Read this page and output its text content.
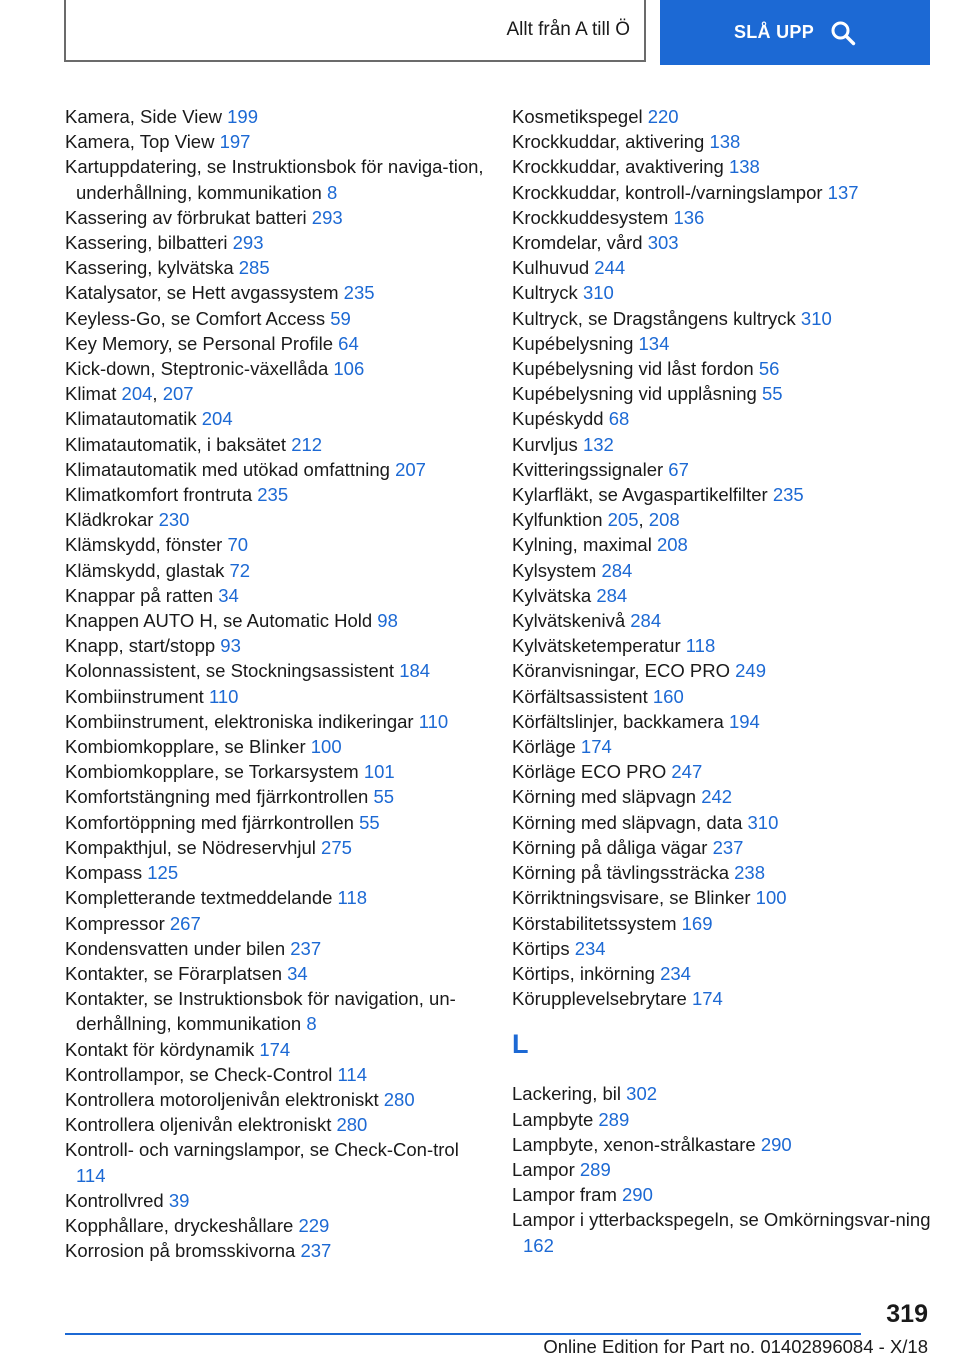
Allt från A till Ö	SLÅ UPP
Kamera, Side View 199
Kamera, Top View 197
Kartuppdatering, se Instruktionsbok för naviga-tion, underhållning, kommunikation 8
Kassering av förbrukat batteri 293
Kassering, bilbatteri 293
Kassering, kylvätska 285
Katalysator, se Hett avgassystem 235
Keyless-Go, se Comfort Access 59
Key Memory, se Personal Profile 64
Kick-down, Steptronic-växellåda 106
Klimat 204, 207
Klimatautomatik 204
Klimatautomatik, i baksätet 212
Klimatautomatik med utökad omfattning 207
Klimatkomfort frontruta 235
Klädkrokar 230
Klämskydd, fönster 70
Klämskydd, glastak 72
Knappar på ratten 34
Knappen AUTO H, se Automatic Hold 98
Knapp, start/stopp 93
Kolonnassistent, se Stockningsassistent 184
Kombiinstrument 110
Kombiinstrument, elektroniska indikeringar 110
Kombiomkopplare, se Blinker 100
Kombiomkopplare, se Torkarsystem 101
Komfortstängning med fjärrkontrollen 55
Komfortöppning med fjärrkontrollen 55
Kompakthjul, se Nödreservhjul 275
Kompass 125
Kompletterande textmeddelande 118
Kompressor 267
Kondensvatten under bilen 237
Kontakter, se Förarplatsen 34
Kontakter, se Instruktionsbok för navigation, un-derhållning, kommunikation 8
Kontakt för kördynamik 174
Kontrollampor, se Check-Control 114
Kontrollera motoroljenivån elektroniskt 280
Kontrollera oljenivån elektroniskt 280
Kontroll- och varningslampor, se Check-Con-trol 114
Kontrollvred 39
Kopphållare, dryckeshållare 229
Korrosion på bromsskivorna 237
Kosmetikspegel 220
Krockkuddar, aktivering 138
Krockkuddar, avaktivering 138
Krockkuddar, kontroll-/varningslampor 137
Krockkuddesystem 136
Kromdelar, vård 303
Kulhuvud 244
Kultryck 310
Kultryck, se Dragstångens kultryck 310
Kupébelysning 134
Kupébelysning vid låst fordon 56
Kupébelysning vid upplåsning 55
Kupéskydd 68
Kurvljus 132
Kvitteringssignaler 67
Kylarfläkt, se Avgaspartikelfilter 235
Kylfunktion 205, 208
Kylning, maximal 208
Kylsystem 284
Kylvätska 284
Kylvätskenivå 284
Kylvätsketemperatur 118
Köranvisningar, ECO PRO 249
Körfältsassistent 160
Körfältslinjer, backkamera 194
Körläge 174
Körläge ECO PRO 247
Körning med släpvagn 242
Körning med släpvagn, data 310
Körning på dåliga vägar 237
Körning på tävlingssträcka 238
Körriktningsvisare, se Blinker 100
Körstabilitetssystem 169
Körtips 234
Körtips, inkörning 234
Körupplevelsebrytare 174
L
Lackering, bil 302
Lampbyte 289
Lampbyte, xenon-strålkastare 290
Lampor 289
Lampor fram 290
Lampor i ytterbackspegeln, se Omkörningsvar-ning 162
319
Online Edition for Part no. 01402896084 - X/18
